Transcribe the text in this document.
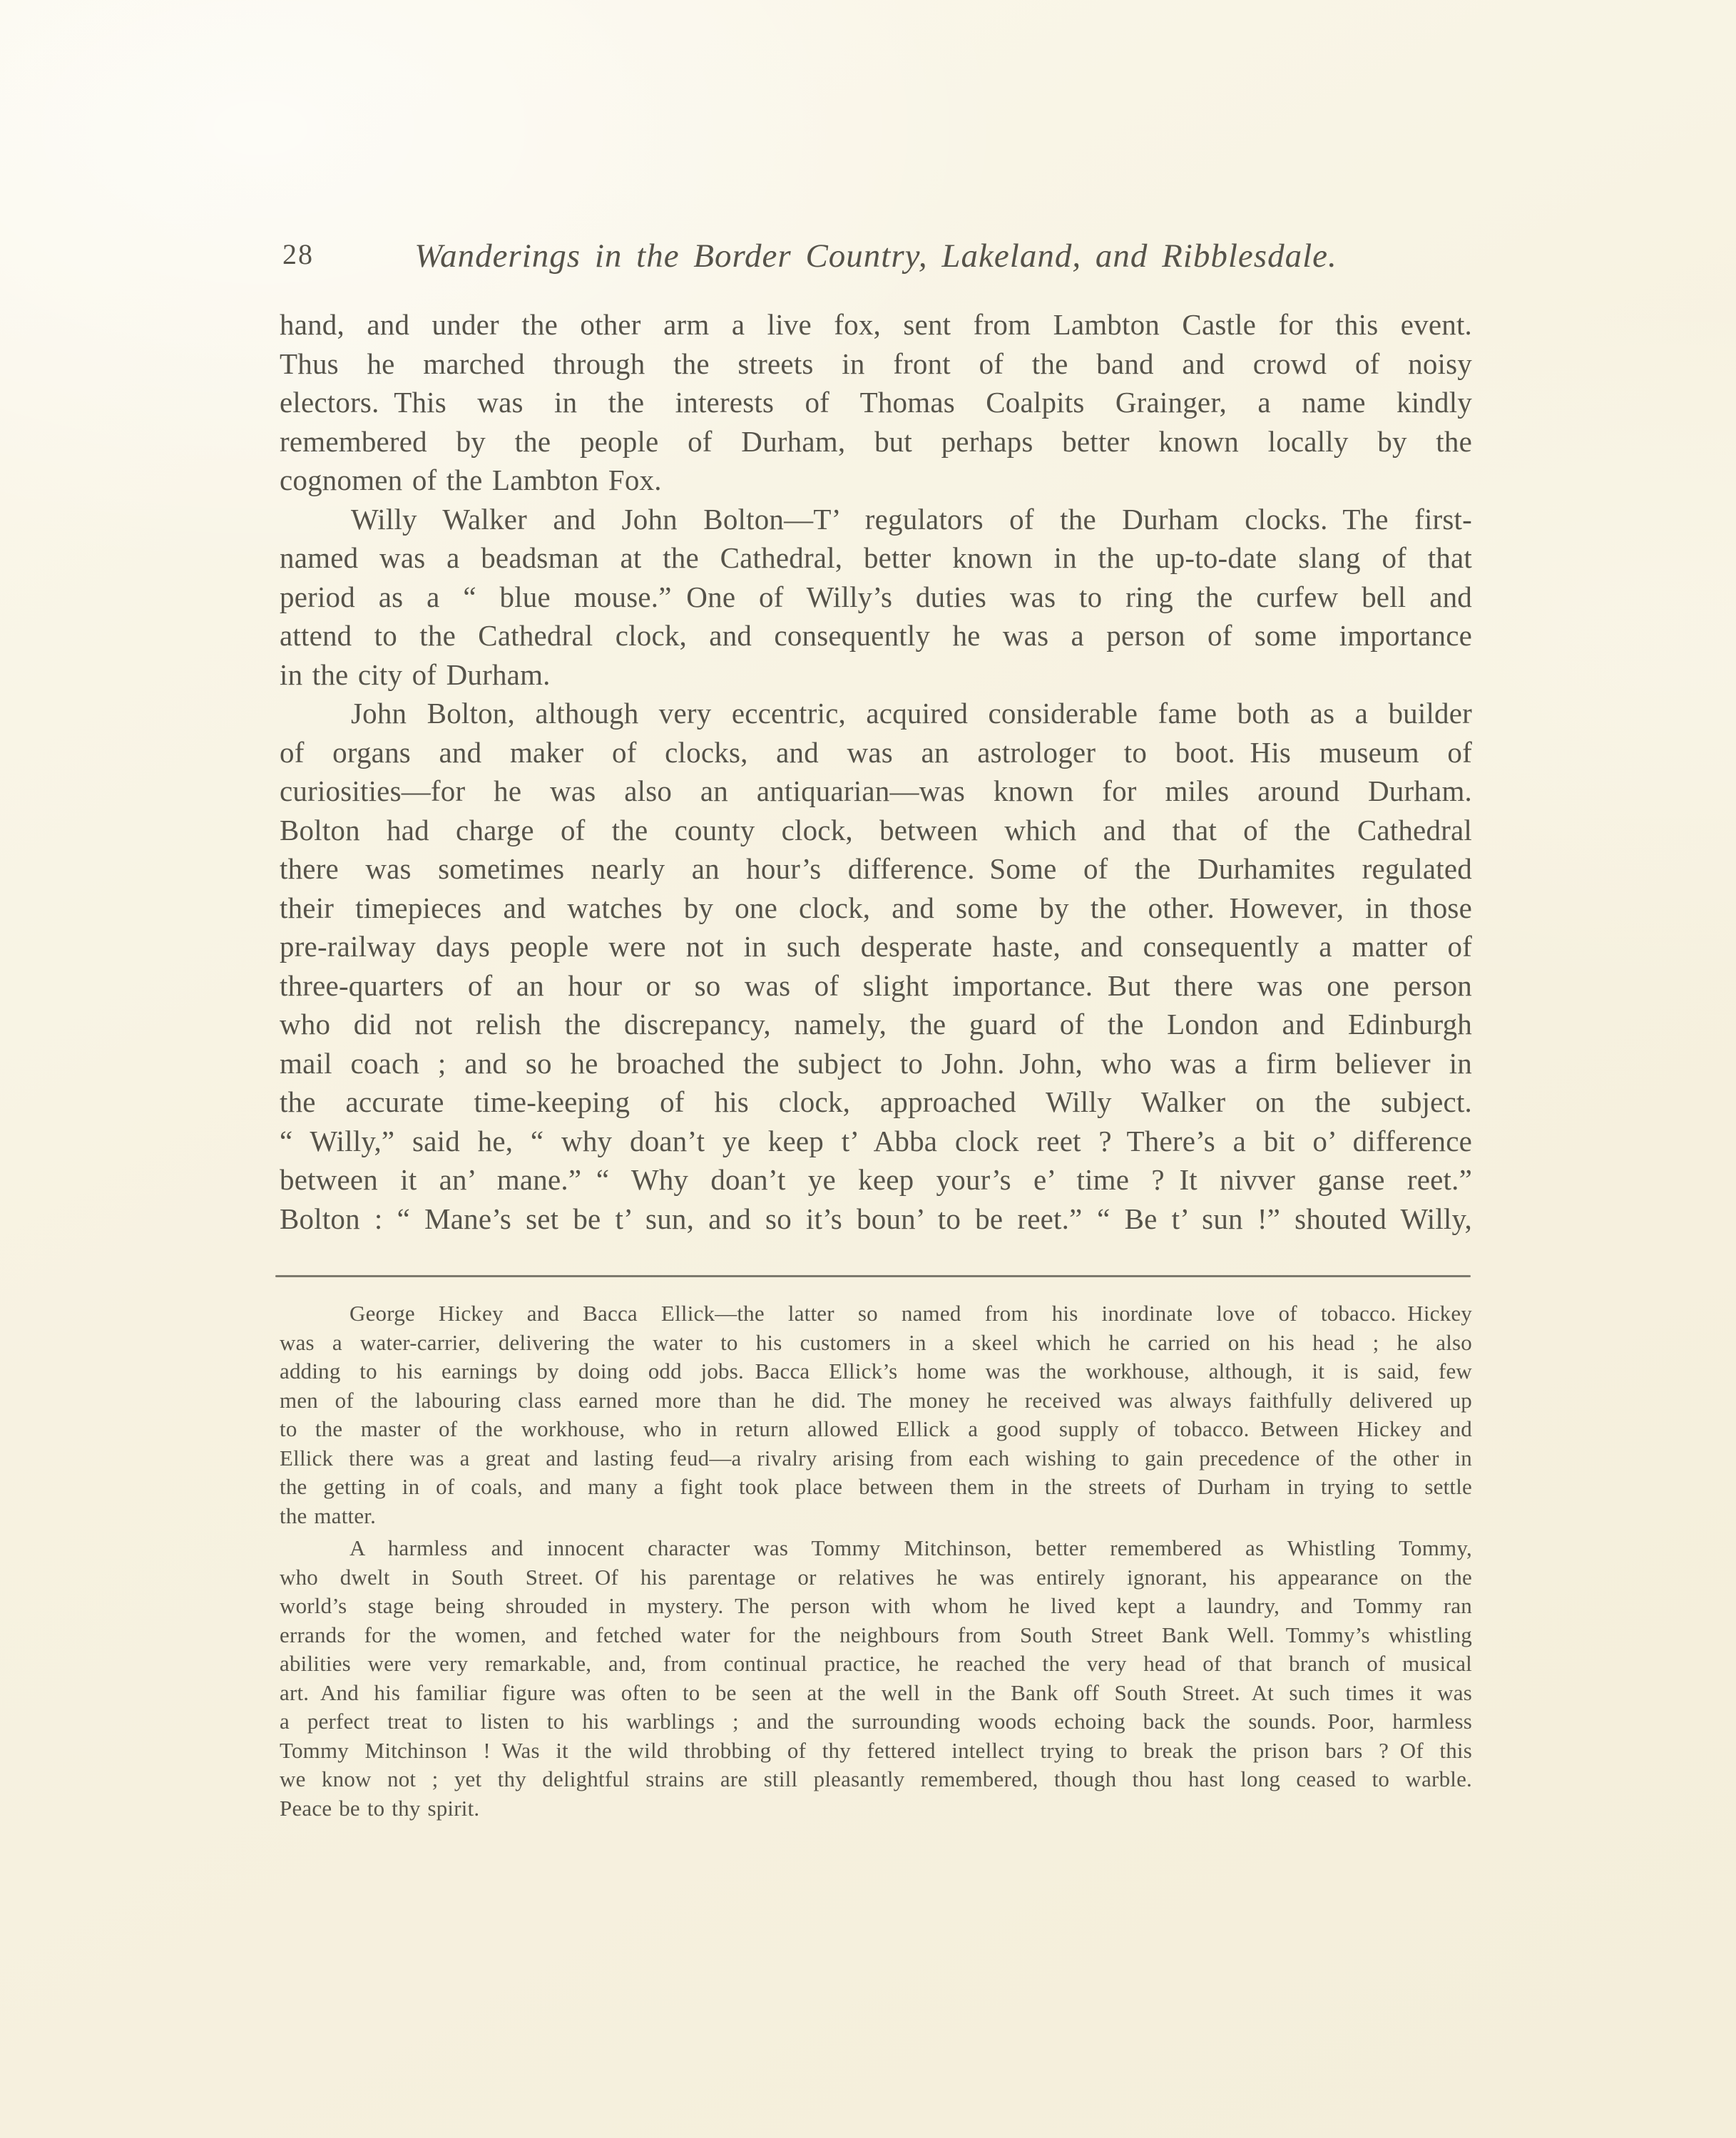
28	Wanderings in the Border Country, Lakeland, and Ribblesdale.
hand, and under the other arm a live fox, sent from Lambton Castle for this event.
Thus he marched through the streets in front of the band and crowd of noisy
electors. This was in the interests of Thomas Coalpits Grainger, a name kindly
remembered by the people of Durham, but perhaps better known locally by the
cognomen of the Lambton Fox.
Willy Walker and John Bolton—T’ regulators of the Durham clocks. The first-
named was a beadsman at the Cathedral, better known in the up-to-date slang of that
period as a “ blue mouse.” One of Willy’s duties was to ring the curfew bell and
attend to the Cathedral clock, and consequently he was a person of some importance
in the city of Durham.
John Bolton, although very eccentric, acquired considerable fame both as a builder
of organs and maker of clocks, and was an astrologer to boot. His museum of
curiosities—for he was also an antiquarian—was known for miles around Durham.
Bolton had charge of the county clock, between which and that of the Cathedral
there was sometimes nearly an hour’s difference. Some of the Durhamites regulated
their timepieces and watches by one clock, and some by the other. However, in those
pre-railway days people were not in such desperate haste, and consequently a matter of
three-quarters of an hour or so was of slight importance. But there was one person
who did not relish the discrepancy, namely, the guard of the London and Edinburgh
mail coach ; and so he broached the subject to John. John, who was a firm believer in
the accurate time-keeping of his clock, approached Willy Walker on the subject.
“ Willy,” said he, “ why doan’t ye keep t’ Abba clock reet ? There’s a bit o’ difference
between it an’ mane.” “ Why doan’t ye keep your’s e’ time ? It nivver ganse reet.”
Bolton : “ Mane’s set be t’ sun, and so it’s boun’ to be reet.” “ Be t’ sun !” shouted Willy,
George Hickey and Bacca Ellick—the latter so named from his inordinate love of tobacco. Hickey
was a water-carrier, delivering the water to his customers in a skeel which he carried on his head ; he also
adding to his earnings by doing odd jobs. Bacca Ellick’s home was the workhouse, although, it is said, few
men of the labouring class earned more than he did. The money he received was always faithfully delivered up
to the master of the workhouse, who in return allowed Ellick a good supply of tobacco. Between Hickey and
Ellick there was a great and lasting feud—a rivalry arising from each wishing to gain precedence of the other in
the getting in of coals, and many a fight took place between them in the streets of Durham in trying to settle
the matter.
A harmless and innocent character was Tommy Mitchinson, better remembered as Whistling Tommy,
who dwelt in South Street. Of his parentage or relatives he was entirely ignorant, his appearance on the
world’s stage being shrouded in mystery. The person with whom he lived kept a laundry, and Tommy ran
errands for the women, and fetched water for the neighbours from South Street Bank Well. Tommy’s whistling
abilities were very remarkable, and, from continual practice, he reached the very head of that branch of musical
art. And his familiar figure was often to be seen at the well in the Bank off South Street. At such times it was
a perfect treat to listen to his warblings ; and the surrounding woods echoing back the sounds. Poor, harmless
Tommy Mitchinson ! Was it the wild throbbing of thy fettered intellect trying to break the prison bars ? Of this
we know not ; yet thy delightful strains are still pleasantly remembered, though thou hast long ceased to warble.
Peace be to thy spirit.
